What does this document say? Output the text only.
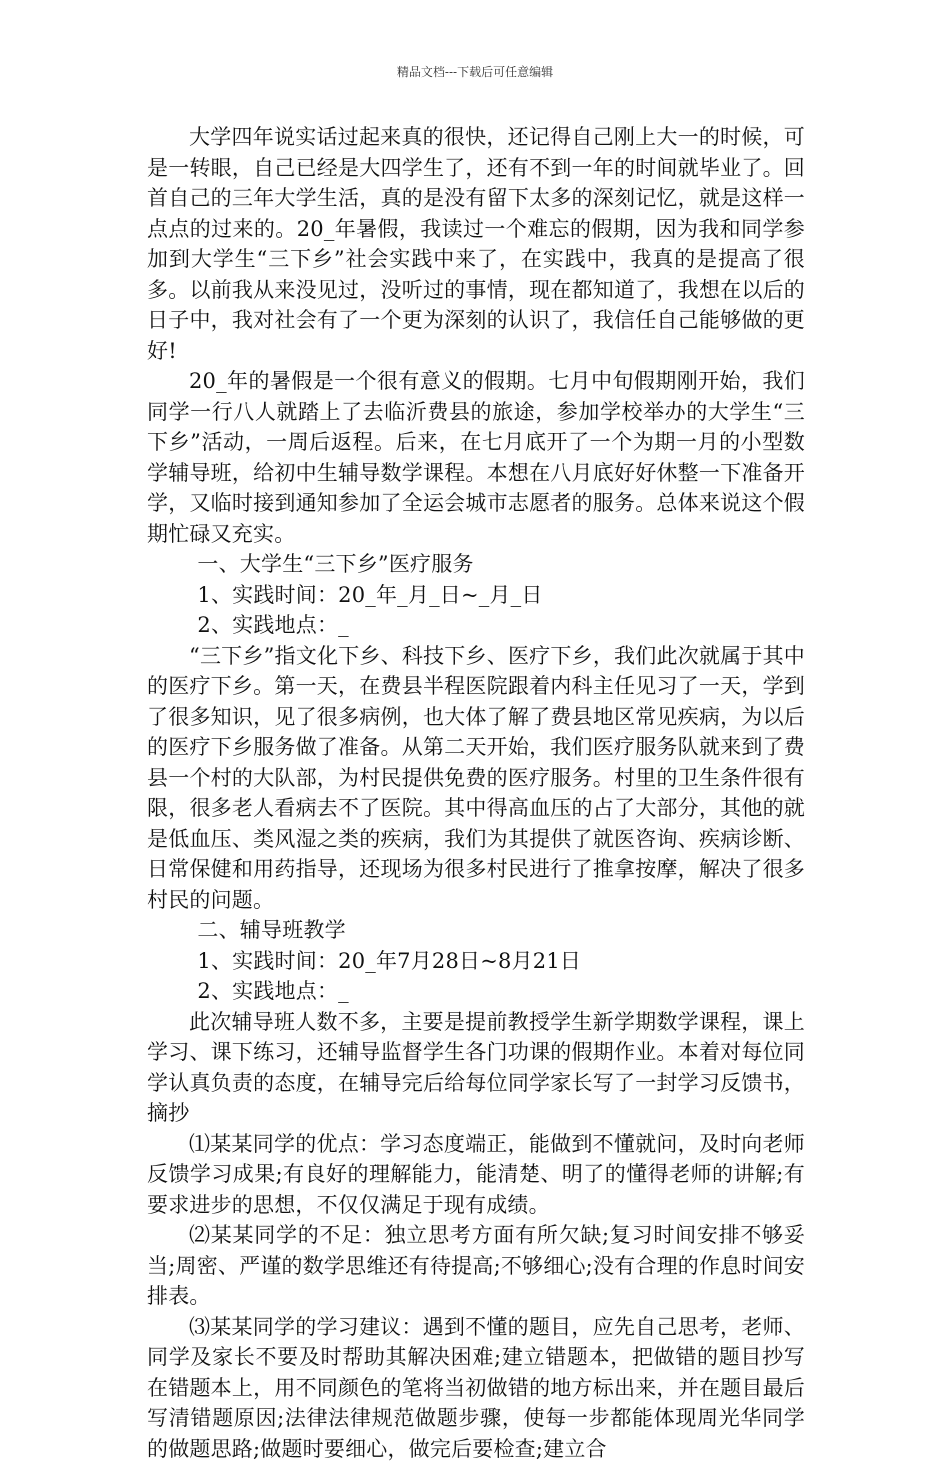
精品文档---下载后可任意编辑

大学四年说实话过起来真的很快，还记得自己刚上大一的时候，可是一转眼，自己已经是大四学生了，还有不到一年的时间就毕业了。回首自己的三年大学生活，真的是没有留下太多的深刻记忆，就是这样一点点的过来的。20_年暑假，我读过一个难忘的假期，因为我和同学参加到大学生“三下乡”社会实践中来了，在实践中，我真的是提高了很多。以前我从来没见过，没听过的事情，现在都知道了，我想在以后的日子中，我对社会有了一个更为深刻的认识了，我信任自己能够做的更好!

20_年的暑假是一个很有意义的假期。七月中旬假期刚开始，我们同学一行八人就踏上了去临沂费县的旅途，参加学校举办的大学生“三下乡”活动，一周后返程。后来，在七月底开了一个为期一月的小型数学辅导班，给初中生辅导数学课程。本想在八月底好好休整一下准备开学，又临时接到通知参加了全运会城市志愿者的服务。总体来说这个假期忙碌又充实。

一、大学生“三下乡”医疗服务

1、实践时间：20_年_月_日~_月_日

2、实践地点：_

“三下乡”指文化下乡、科技下乡、医疗下乡，我们此次就属于其中的医疗下乡。第一天，在费县半程医院跟着内科主任见习了一天，学到了很多知识，见了很多病例，也大体了解了费县地区常见疾病，为以后的医疗下乡服务做了准备。从第二天开始，我们医疗服务队就来到了费县一个村的大队部，为村民提供免费的医疗服务。村里的卫生条件很有限，很多老人看病去不了医院。其中得高血压的占了大部分，其他的就是低血压、类风湿之类的疾病，我们为其提供了就医咨询、疾病诊断、日常保健和用药指导，还现场为很多村民进行了推拿按摩，解决了很多村民的问题。

二、辅导班教学

1、实践时间：20_年7月28日~8月21日

2、实践地点：_

此次辅导班人数不多，主要是提前教授学生新学期数学课程，课上学习、课下练习，还辅导监督学生各门功课的假期作业。本着对每位同学认真负责的态度，在辅导完后给每位同学家长写了一封学习反馈书，摘抄

⑴某某同学的优点：学习态度端正，能做到不懂就问，及时向老师反馈学习成果;有良好的理解能力，能清楚、明了的懂得老师的讲解;有要求进步的思想，不仅仅满足于现有成绩。

⑵某某同学的不足：独立思考方面有所欠缺;复习时间安排不够妥当;周密、严谨的数学思维还有待提高;不够细心;没有合理的作息时间安排表。

⑶某某同学的学习建议：遇到不懂的题目，应先自己思考，老师、同学及家长不要及时帮助其解决困难;建立错题本，把做错的题目抄写在错题本上，用不同颜色的笔将当初做错的地方标出来，并在题目最后写清错题原因;法律法律规范做题步骤，使每一步都能体现周光华同学的做题思路;做题时要细心，做完后要检查;建立合
